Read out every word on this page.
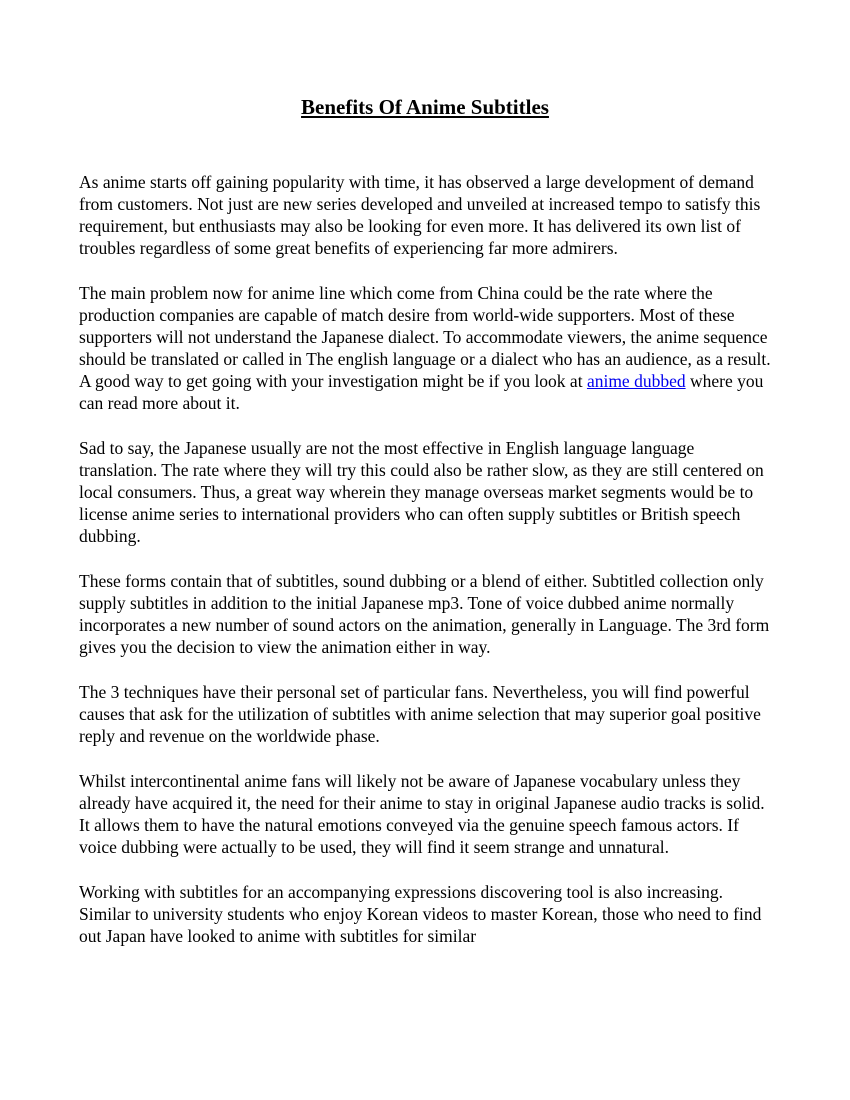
Benefits Of Anime Subtitles

As anime starts off gaining popularity with time, it has observed a large development of demand from customers. Not just are new series developed and unveiled at increased tempo to satisfy this requirement, but enthusiasts may also be looking for even more. It has delivered its own list of troubles regardless of some great benefits of experiencing far more admirers.

The main problem now for anime line which come from China could be the rate where the production companies are capable of match desire from world-wide supporters. Most of these supporters will not understand the Japanese dialect. To accommodate viewers, the anime sequence should be translated or called in The english language or a dialect who has an audience, as a result. A good way to get going with your investigation might be if you look at anime dubbed where you can read more about it.

Sad to say, the Japanese usually are not the most effective in English language language translation. The rate where they will try this could also be rather slow, as they are still centered on local consumers. Thus, a great way wherein they manage overseas market segments would be to license anime series to international providers who can often supply subtitles or British speech dubbing.

These forms contain that of subtitles, sound dubbing or a blend of either. Subtitled collection only supply subtitles in addition to the initial Japanese mp3. Tone of voice dubbed anime normally incorporates a new number of sound actors on the animation, generally in Language. The 3rd form gives you the decision to view the animation either in way.

The 3 techniques have their personal set of particular fans. Nevertheless, you will find powerful causes that ask for the utilization of subtitles with anime selection that may superior goal positive reply and revenue on the worldwide phase.

Whilst intercontinental anime fans will likely not be aware of Japanese vocabulary unless they already have acquired it, the need for their anime to stay in original Japanese audio tracks is solid. It allows them to have the natural emotions conveyed via the genuine speech famous actors. If voice dubbing were actually to be used, they will find it seem strange and unnatural.

Working with subtitles for an accompanying expressions discovering tool is also increasing. Similar to university students who enjoy Korean videos to master Korean, those who need to find out Japan have looked to anime with subtitles for similar
